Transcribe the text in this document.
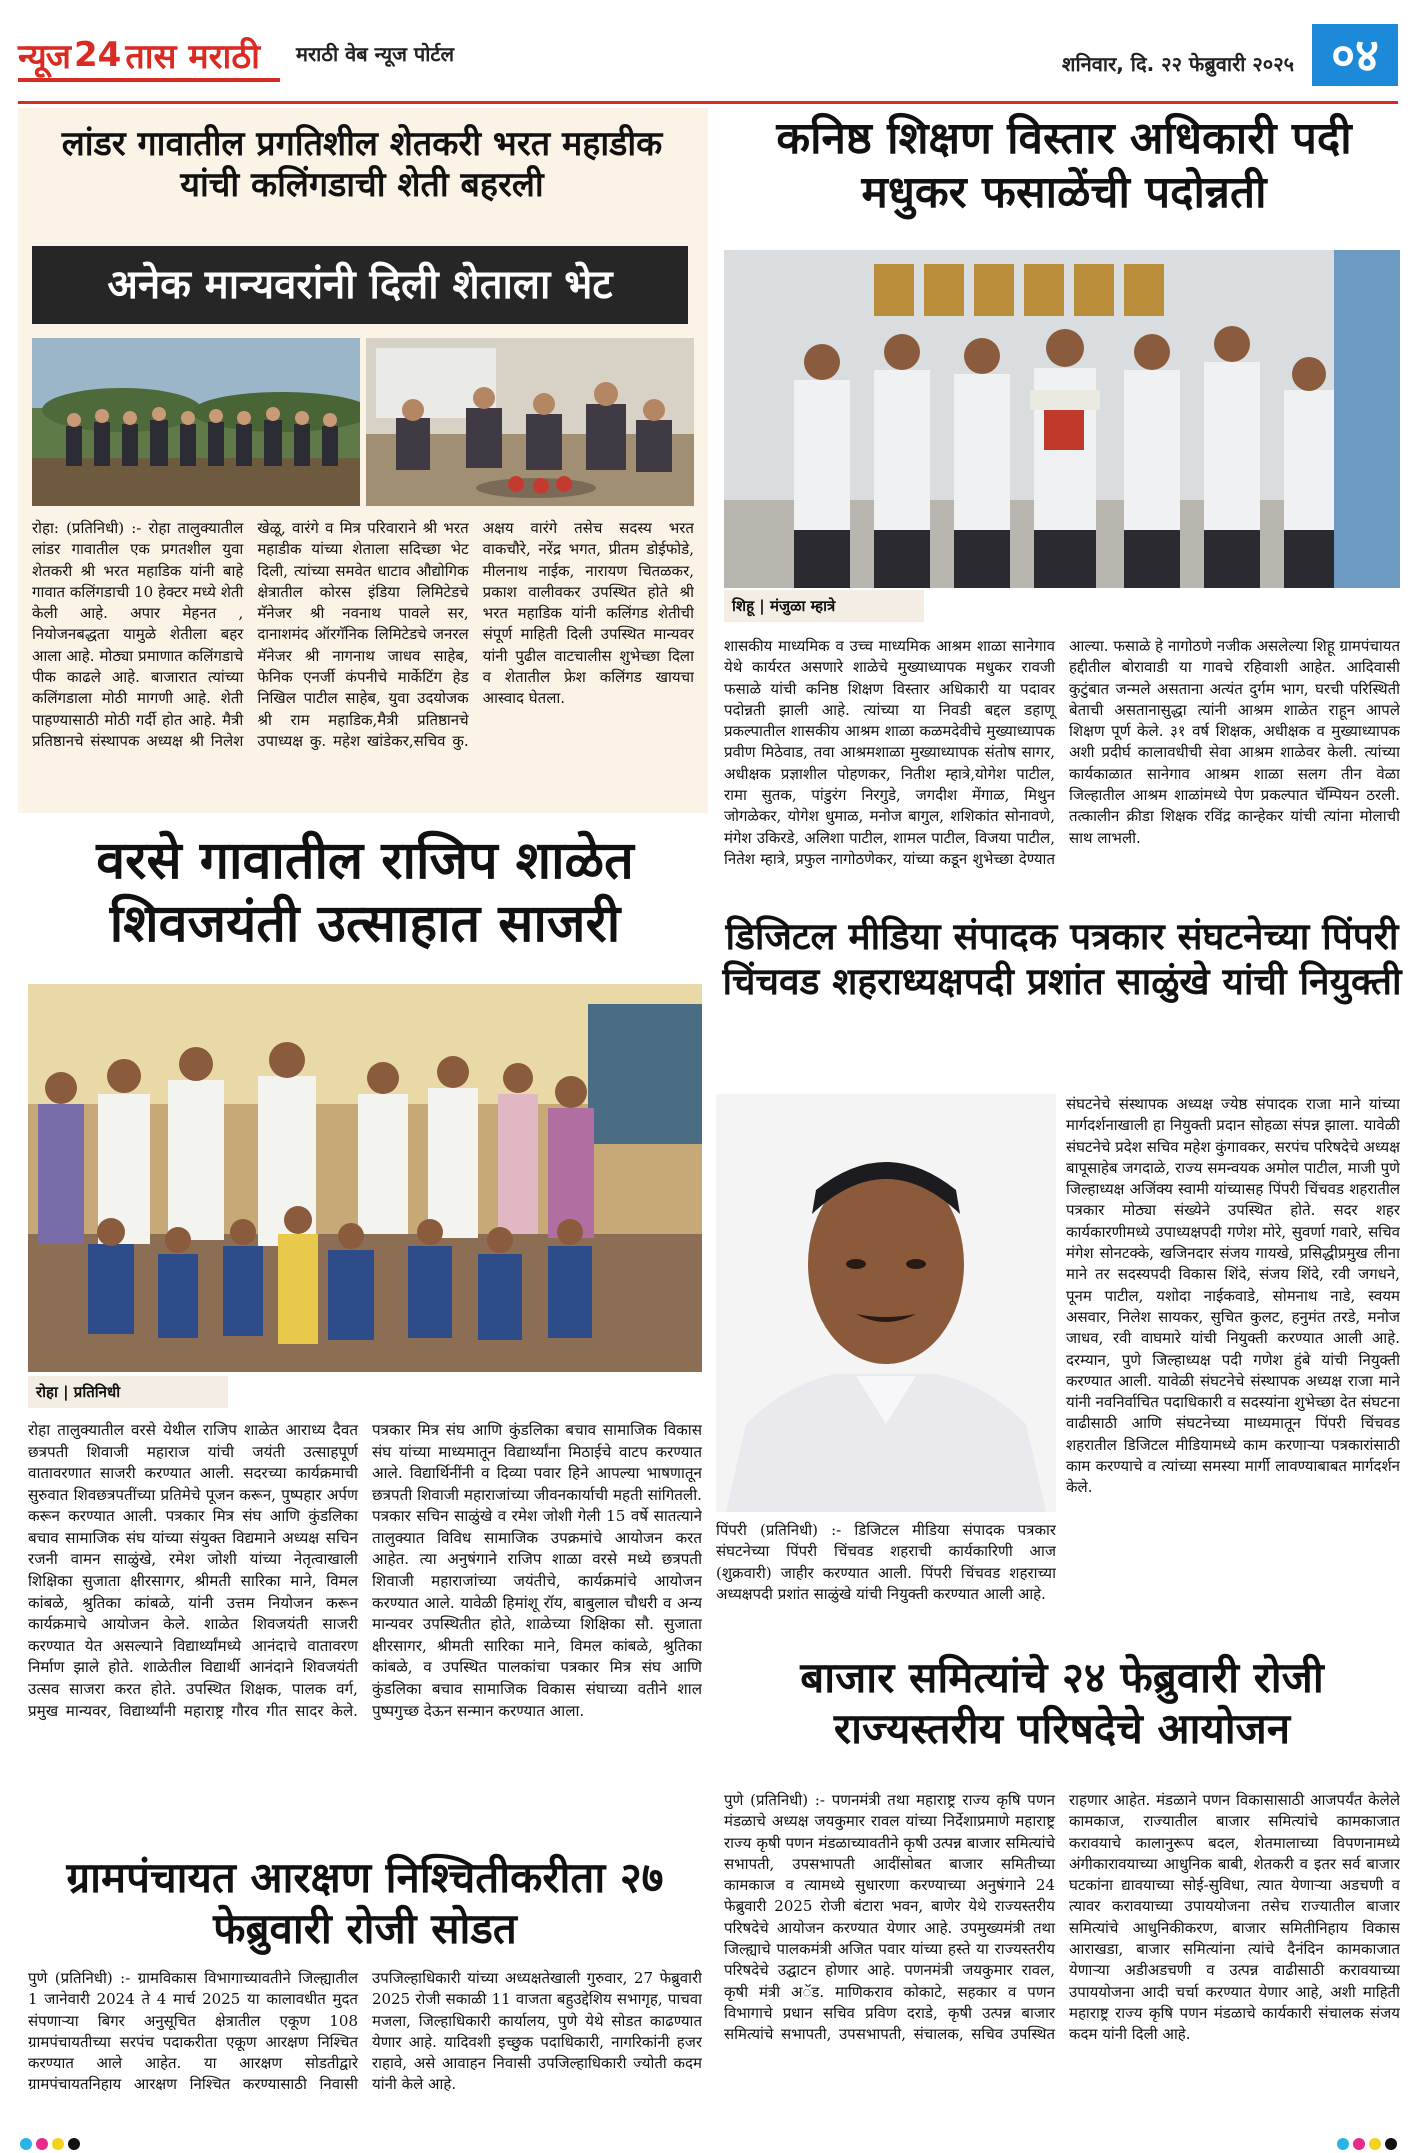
न्यूज 24 तास मराठी मराठी वेब न्यूज पोर्टल	शनिवार, दि. २२ फेब्रुवारी २०२५ ०४
लांडर गावातील प्रगतिशील शेतकरी भरत महाडीक यांची कलिंगडाची शेती बहरली
अनेक मान्यवरांनी दिली शेताला भेट

रोहा: (प्रतिनिधी) :- रोहा तालुक्यातील लांडर गावातील एक प्रगतशील युवा शेतकरी श्री भरत महाडिक यांनी बाहे गावात कलिंगडाची 10 हेक्टर मध्ये शेती केली आहे. अपार मेहनत , नियोजनबद्धता यामुळे शेतीला बहर आला आहे. मोठ्या प्रमाणात कलिंगडाचे पीक काढले आहे. बाजारात त्यांच्या कलिंगडाला मोठी मागणी आहे. शेती पाहण्यासाठी मोठी गर्दी होत आहे. मैत्री प्रतिष्ठानचे संस्थापक अध्यक्ष श्री निलेश खेळू, वारंगे व मित्र परिवाराने श्री भरत महाडीक यांच्या शेताला सदिच्छा भेट दिली, त्यांच्या समवेत धाटाव औद्योगिक क्षेत्रातील कोरस इंडिया लिमिटेडचे मॅनेजर श्री नवनाथ पावले सर, दानाशमंद ऑरगॅनिक लिमिटेडचे जनरल मॅनेजर श्री नागनाथ जाधव साहेब, फेनिक एनर्जी कंपनीचे मार्केटिंग हेड निखिल पाटील साहेब, युवा उदयोजक श्री राम महाडिक,मैत्री प्रतिष्ठानचे उपाध्यक्ष कु. महेश खांडेकर,सचिव कु. अक्षय वारंगे तसेच सदस्य भरत वाकचौरे, नरेंद्र भगत, प्रीतम डोईफोडे, मीलनाथ नाईक, नारायण चितळकर, प्रकाश वालीवकर उपस्थित होते श्री भरत महाडिक यांनी कलिंगड शेतीची संपूर्ण माहिती दिली उपस्थित मान्यवर यांनी पुढील वाटचालीस शुभेच्छा दिला व शेतातील फ्रेश कलिंगड खायचा आस्वाद घेतला.

कनिष्ठ शिक्षण विस्तार अधिकारी पदी मधुकर फसाळेंची पदोन्नती
शिहू | मंजुळा म्हात्रे

शासकीय माध्यमिक व उच्च माध्यमिक आश्रम शाळा सानेगाव येथे कार्यरत असणारे शाळेचे मुख्याध्यापक मधुकर रावजी फसाळे यांची कनिष्ठ शिक्षण विस्तार अधिकारी या पदावर पदोन्नती झाली आहे. त्यांच्या या निवडी बद्दल डहाणू प्रकल्पातील शासकीय आश्रम शाळा कळमदेवीचे मुख्याध्यापक प्रवीण मिठेवाड, तवा आश्रमशाळा मुख्याध्यापक संतोष सागर, अधीक्षक प्रज्ञाशील पोहणकर, नितीश म्हात्रे,योगेश पाटील, रामा सुतक, पांडुरंग निरगुडे, जगदीश मेंगाळ, मिथुन जोगळेकर, योगेश धुमाळ, मनोज बागुल, शशिकांत सोनावणे, मंगेश उकिरडे, अलिशा पाटील, शामल पाटील, विजया पाटील, नितेश म्हात्रे, प्रफुल नागोठणेकर, यांच्या कडून शुभेच्छा देण्यात आल्या. फसाळे हे नागोठणे नजीक असलेल्या शिहू ग्रामपंचायत हद्दीतील बोरावाडी या गावचे रहिवाशी आहेत. आदिवासी कुटुंबात जन्मले असताना अत्यंत दुर्गम भाग, घरची परिस्थिती बेताची असतानासुद्धा त्यांनी आश्रम शाळेत राहून आपले शिक्षण पूर्ण केले. ३१ वर्ष शिक्षक, अधीक्षक व मुख्याध्यापक अशी प्रदीर्घ कालावधीची सेवा आश्रम शाळेवर केली. त्यांच्या कार्यकाळात सानेगाव आश्रम शाळा सलग तीन वेळा जिल्हातील आश्रम शाळांमध्ये पेण प्रकल्पात चॅम्पियन ठरली. तत्कालीन क्रीडा शिक्षक रविंद्र कान्हेकर यांची त्यांना मोलाची साथ लाभली.

वरसे गावातील राजिप शाळेत शिवजयंती उत्साहात साजरी
रोहा | प्रतिनिधी

रोहा तालुक्यातील वरसे येथील राजिप शाळेत आराध्य दैवत छत्रपती शिवाजी महाराज यांची जयंती उत्साहपूर्ण वातावरणात साजरी करण्यात आली. सदरच्या कार्यक्रमाची सुरुवात शिवछत्रपतींच्या प्रतिमेचे पूजन करून, पुष्पहार अर्पण करून करण्यात आली. पत्रकार मित्र संघ आणि कुंडलिका बचाव सामाजिक संघ यांच्या संयुक्त विद्यमाने अध्यक्ष सचिन रजनी वामन साळुंखे, रमेश जोशी यांच्या नेतृत्वाखाली शिक्षिका सुजाता क्षीरसागर, श्रीमती सारिका माने, विमल कांबळे, श्रुतिका कांबळे, यांनी उत्तम नियोजन करून कार्यक्रमाचे आयोजन केले. शाळेत शिवजयंती साजरी करण्यात येत असल्याने विद्यार्थ्यांमध्ये आनंदाचे वातावरण निर्माण झाले होते. शाळेतील विद्यार्थी आनंदाने शिवजयंती उत्सव साजरा करत होते. उपस्थित शिक्षक, पालक वर्ग, प्रमुख मान्यवर, विद्यार्थ्यांनी महाराष्ट्र गौरव गीत सादर केले. पत्रकार मित्र संघ आणि कुंडलिका बचाव सामाजिक विकास संघ यांच्या माध्यमातून विद्यार्थ्यांना मिठाईचे वाटप करण्यात आले. विद्यार्थिनींनी व दिव्या पवार हिने आपल्या भाषणातून छत्रपती शिवाजी महाराजांच्या जीवनकार्याची महती सांगितली. पत्रकार सचिन साळुंखे व रमेश जोशी गेली 15 वर्षे सातत्याने तालुक्यात विविध सामाजिक उपक्रमांचे आयोजन करत आहेत. त्या अनुषंगाने राजिप शाळा वरसे मध्ये छत्रपती शिवाजी महाराजांच्या जयंतीचे, कार्यक्रमांचे आयोजन करण्यात आले. यावेळी हिमांशू रॉय, बाबुलाल चौधरी व अन्य मान्यवर उपस्थितीत होते, शाळेच्या शिक्षिका सौ. सुजाता क्षीरसागर, श्रीमती सारिका माने, विमल कांबळे, श्रुतिका कांबळे, व उपस्थित पालकांचा पत्रकार मित्र संघ आणि कुंडलिका बचाव सामाजिक विकास संघाच्या वतीने शाल पुष्पगुच्छ देऊन सन्मान करण्यात आला.

डिजिटल मीडिया संपादक पत्रकार संघटनेच्या पिंपरी चिंचवड शहराध्यक्षपदी प्रशांत साळुंखे यांची नियुक्ती

पिंपरी (प्रतिनिधी) :- डिजिटल मीडिया संपादक पत्रकार संघटनेच्या पिंपरी चिंचवड शहराची कार्यकारिणी आज (शुक्रवारी) जाहीर करण्यात आली. पिंपरी चिंचवड शहराच्या अध्यक्षपदी प्रशांत साळुंखे यांची नियुक्ती करण्यात आली आहे.

संघटनेचे संस्थापक अध्यक्ष ज्येष्ठ संपादक राजा माने यांच्या मार्गदर्शनाखाली हा नियुक्ती प्रदान सोहळा संपन्न झाला. यावेळी संघटनेचे प्रदेश सचिव महेश कुंगावकर, सरपंच परिषदेचे अध्यक्ष बापूसाहेब जगदाळे, राज्य समन्वयक अमोल पाटील, माजी पुणे जिल्हाध्यक्ष अजिंक्य स्वामी यांच्यासह पिंपरी चिंचवड शहरातील पत्रकार मोठ्या संख्येने उपस्थित होते. सदर शहर कार्यकारणीमध्ये उपाध्यक्षपदी गणेश मोरे, सुवर्णा गवारे, सचिव मंगेश सोनटक्के, खजिनदार संजय गायखे, प्रसिद्धीप्रमुख लीना माने तर सदस्यपदी विकास शिंदे, संजय शिंदे, रवी जगधने, पूनम पाटील, यशोदा नाईकवाडे, सोमनाथ नाडे, स्वयम असवार, निलेश सायकर, सुचित कुलट, हनुमंत तरडे, मनोज जाधव, रवी वाघमारे यांची नियुक्ती करण्यात आली आहे. दरम्यान, पुणे जिल्हाध्यक्ष पदी गणेश हुंबे यांची नियुक्ती करण्यात आली. यावेळी संघटनेचे संस्थापक अध्यक्ष राजा माने यांनी नवनिर्वाचित पदाधिकारी व सदस्यांना शुभेच्छा देत संघटना वाढीसाठी आणि संघटनेच्या माध्यमातून पिंपरी चिंचवड शहरातील डिजिटल मीडियामध्ये काम करणाऱ्या पत्रकारांसाठी काम करण्याचे व त्यांच्या समस्या मार्गी लावण्याबाबत मार्गदर्शन केले.

बाजार समित्यांचे २४ फेब्रुवारी रोजी राज्यस्तरीय परिषदेचे आयोजन

पुणे (प्रतिनिधी) :- पणनमंत्री तथा महाराष्ट्र राज्य कृषि पणन मंडळाचे अध्यक्ष जयकुमार रावल यांच्या निर्देशाप्रमाणे महाराष्ट्र राज्य कृषी पणन मंडळाच्यावतीने कृषी उत्पन्न बाजार समित्यांचे सभापती, उपसभापती आदींसोबत बाजार समितीच्या कामकाज व त्यामध्ये सुधारणा करण्याच्या अनुषंगाने 24 फेब्रुवारी 2025 रोजी बंटारा भवन, बाणेर येथे राज्यस्तरीय परिषदेचे आयोजन करण्यात येणार आहे. उपमुख्यमंत्री तथा जिल्ह्याचे पालकमंत्री अजित पवार यांच्या हस्ते या राज्यस्तरीय परिषदेचे उद्घाटन होणार आहे. पणनमंत्री जयकुमार रावल, कृषी मंत्री अॅड. माणिकराव कोकाटे, सहकार व पणन विभागाचे प्रधान सचिव प्रविण दराडे, कृषी उत्पन्न बाजार समित्यांचे सभापती, उपसभापती, संचालक, सचिव उपस्थित राहणार आहेत. मंडळाने पणन विकासासाठी आजपर्यंत केलेले कामकाज, राज्यातील बाजार समित्यांचे कामकाजात करावयाचे कालानुरूप बदल, शेतमालाच्या विपणनामध्ये अंगीकारावयाच्या आधुनिक बाबी, शेतकरी व इतर सर्व बाजार घटकांना द्यावयाच्या सोई-सुविधा, त्यात येणाऱ्या अडचणी व त्यावर करावयाच्या उपाययोजना तसेच राज्यातील बाजार समित्यांचे आधुनिकीकरण, बाजार समितीनिहाय विकास आराखडा, बाजार समित्यांना त्यांचे दैनंदिन कामकाजात येणाऱ्या अडीअडचणी व उत्पन्न वाढीसाठी करावयाच्या उपाययोजना आदी चर्चा करण्यात येणार आहे, अशी माहिती महाराष्ट्र राज्य कृषि पणन मंडळाचे कार्यकारी संचालक संजय कदम यांनी दिली आहे.

ग्रामपंचायत आरक्षण निश्चितीकरीता २७ फेब्रुवारी रोजी सोडत

पुणे (प्रतिनिधी) :- ग्रामविकास विभागाच्यावतीने जिल्ह्यातील 1 जानेवारी 2024 ते 4 मार्च 2025 या कालावधीत मुदत संपणाऱ्या बिगर अनुसूचित क्षेत्रातील एकूण 108 ग्रामपंचायतीच्या सरपंच पदाकरीता एकूण आरक्षण निश्चित करण्यात आले आहेत. या आरक्षण सोडतीद्वारे ग्रामपंचायतनिहाय आरक्षण निश्चित करण्यासाठी निवासी उपजिल्हाधिकारी यांच्या अध्यक्षतेखाली गुरुवार, 27 फेब्रुवारी 2025 रोजी सकाळी 11 वाजता बहुउद्देशिय सभागृह, पाचवा मजला, जिल्हाधिकारी कार्यालय, पुणे येथे सोडत काढण्यात येणार आहे. यादिवशी इच्छुक पदाधिकारी, नागरिकांनी हजर राहावे, असे आवाहन निवासी उपजिल्हाधिकारी ज्योती कदम यांनी केले आहे.
